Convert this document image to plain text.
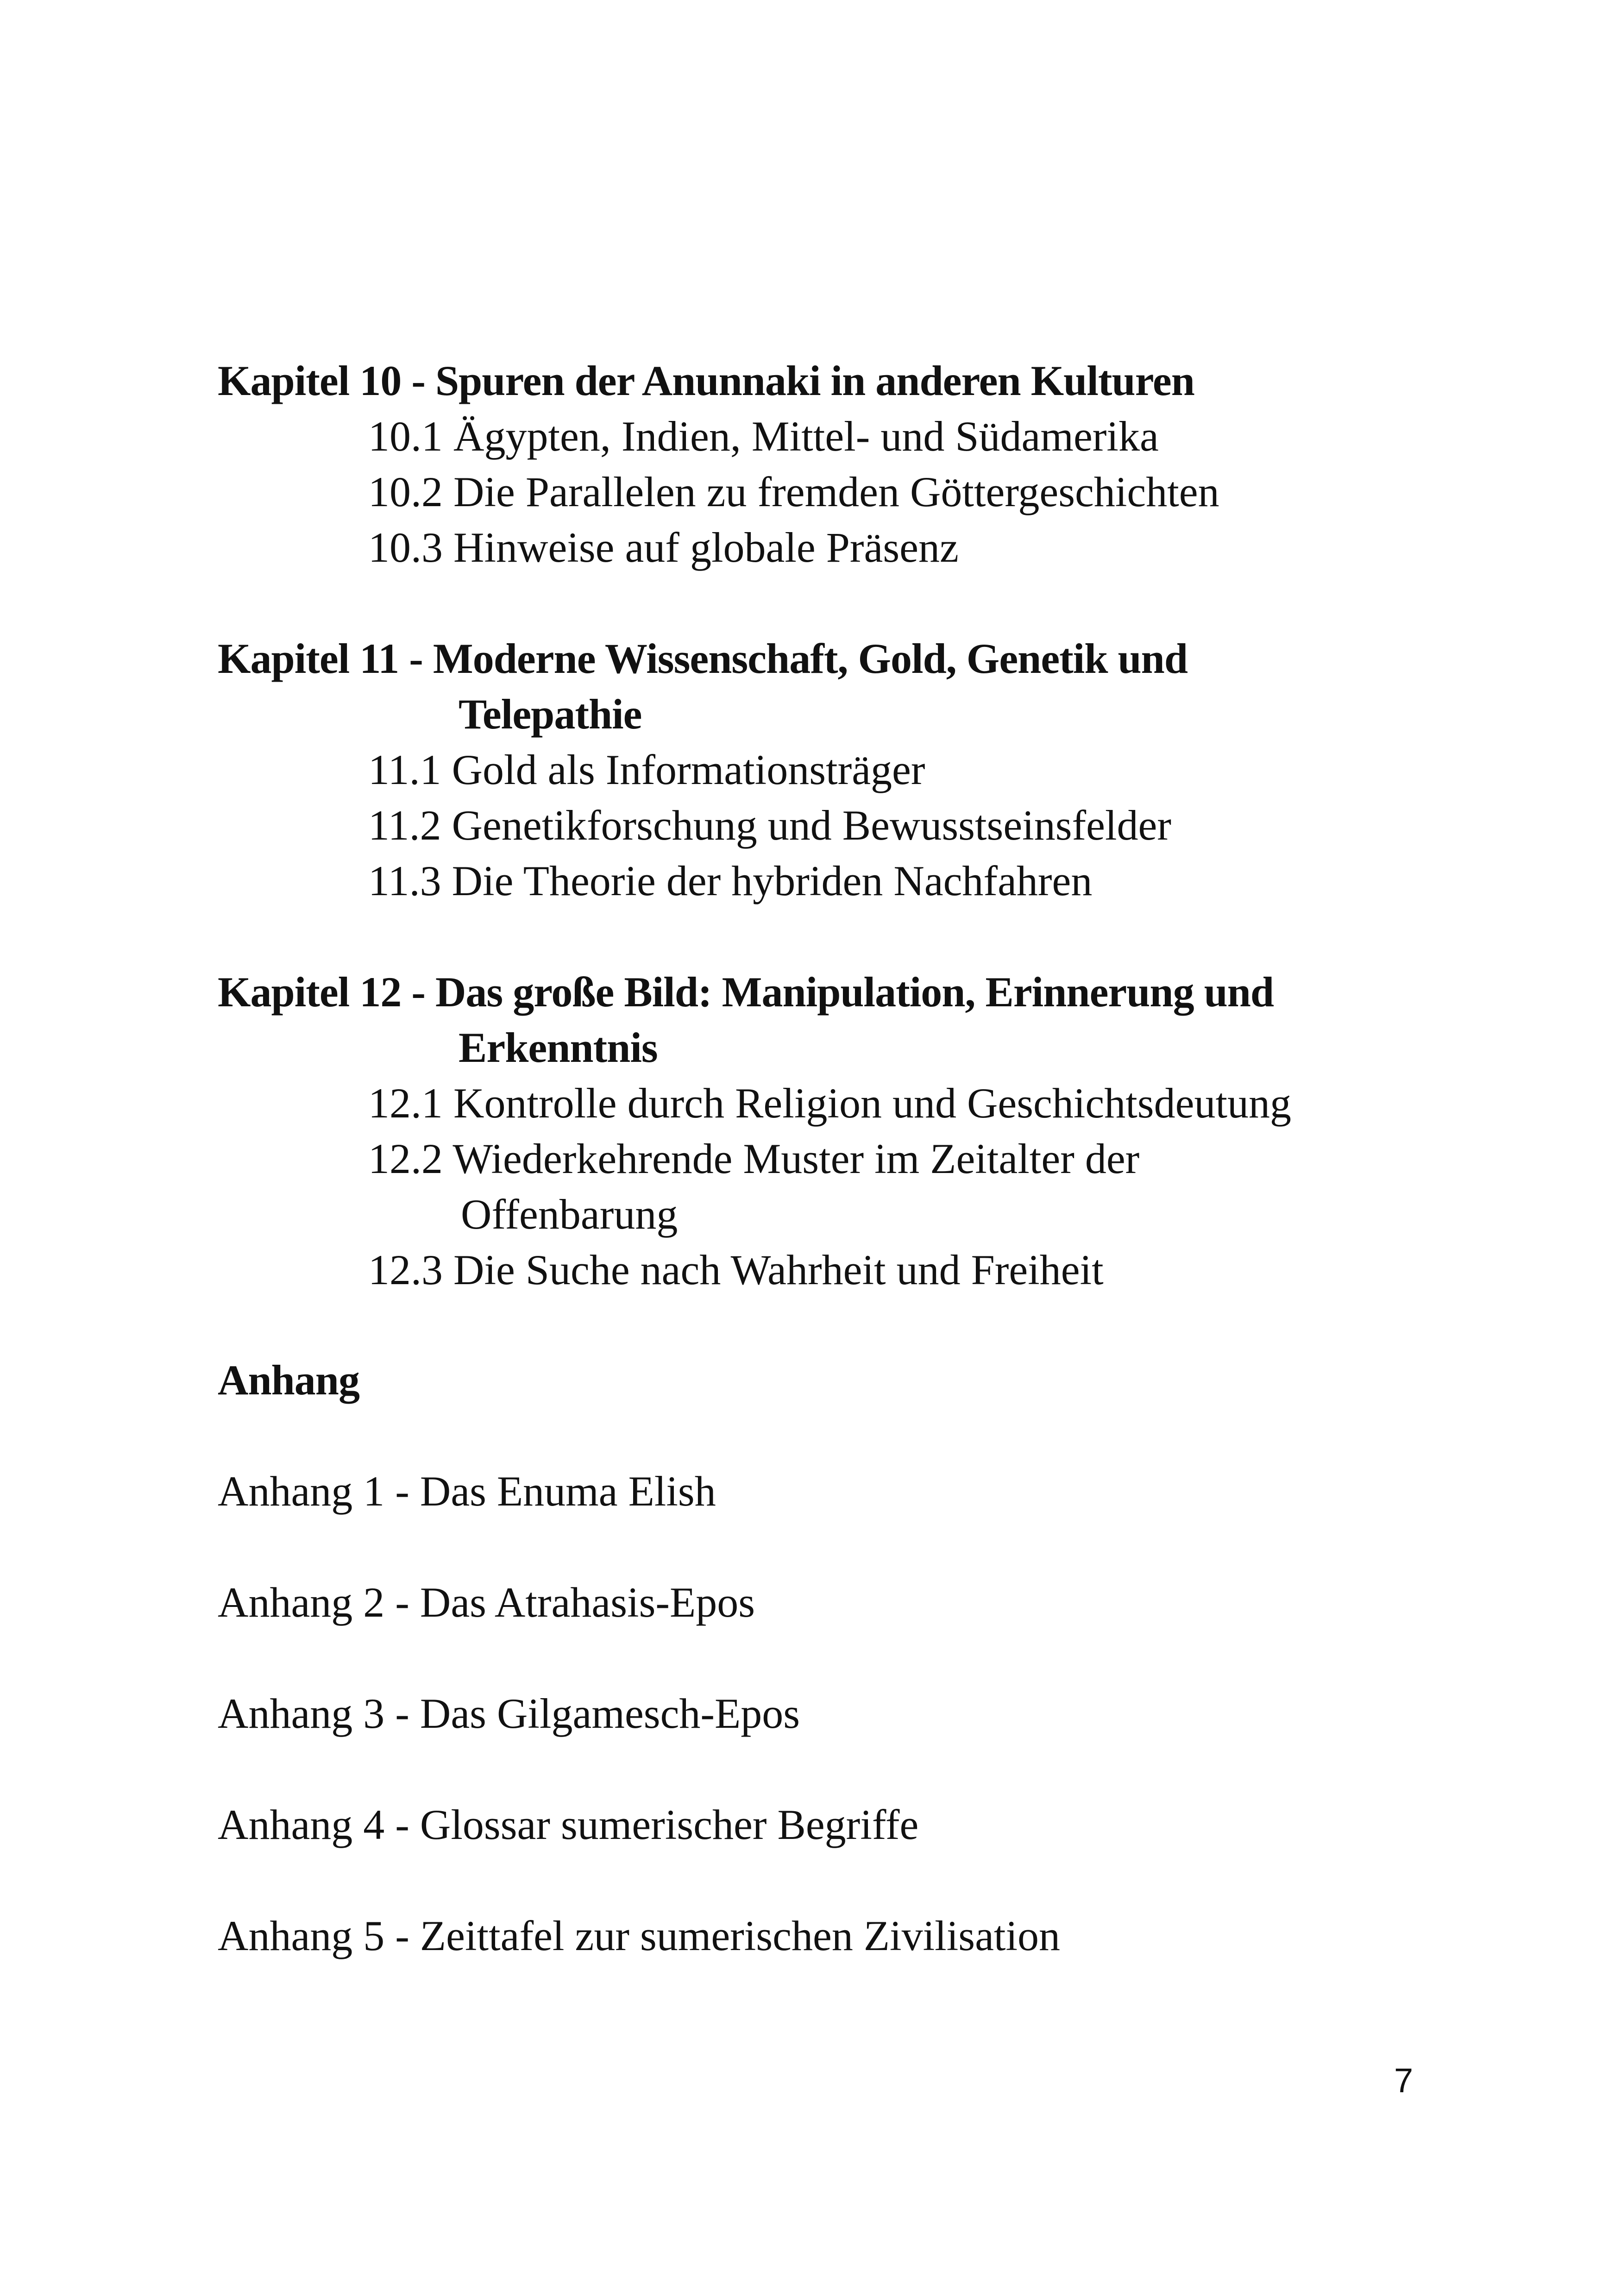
Kapitel 10 - Spuren der Anunnaki in anderen Kulturen
10.1 Ägypten, Indien, Mittel- und Südamerika
10.2 Die Parallelen zu fremden Göttergeschichten
10.3 Hinweise auf globale Präsenz
Kapitel 11 - Moderne Wissenschaft, Gold, Genetik und
Telepathie
11.1 Gold als Informationsträger
11.2 Genetikforschung und Bewusstseinsfelder
11.3 Die Theorie der hybriden Nachfahren
Kapitel 12 - Das große Bild: Manipulation, Erinnerung und
Erkenntnis
12.1 Kontrolle durch Religion und Geschichtsdeutung
12.2 Wiederkehrende Muster im Zeitalter der
Offenbarung
12.3 Die Suche nach Wahrheit und Freiheit
Anhang
Anhang 1 - Das Enuma Elish
Anhang 2 - Das Atrahasis-Epos
Anhang 3 - Das Gilgamesch-Epos
Anhang 4 - Glossar sumerischer Begriffe
Anhang 5 - Zeittafel zur sumerischen Zivilisation
7
